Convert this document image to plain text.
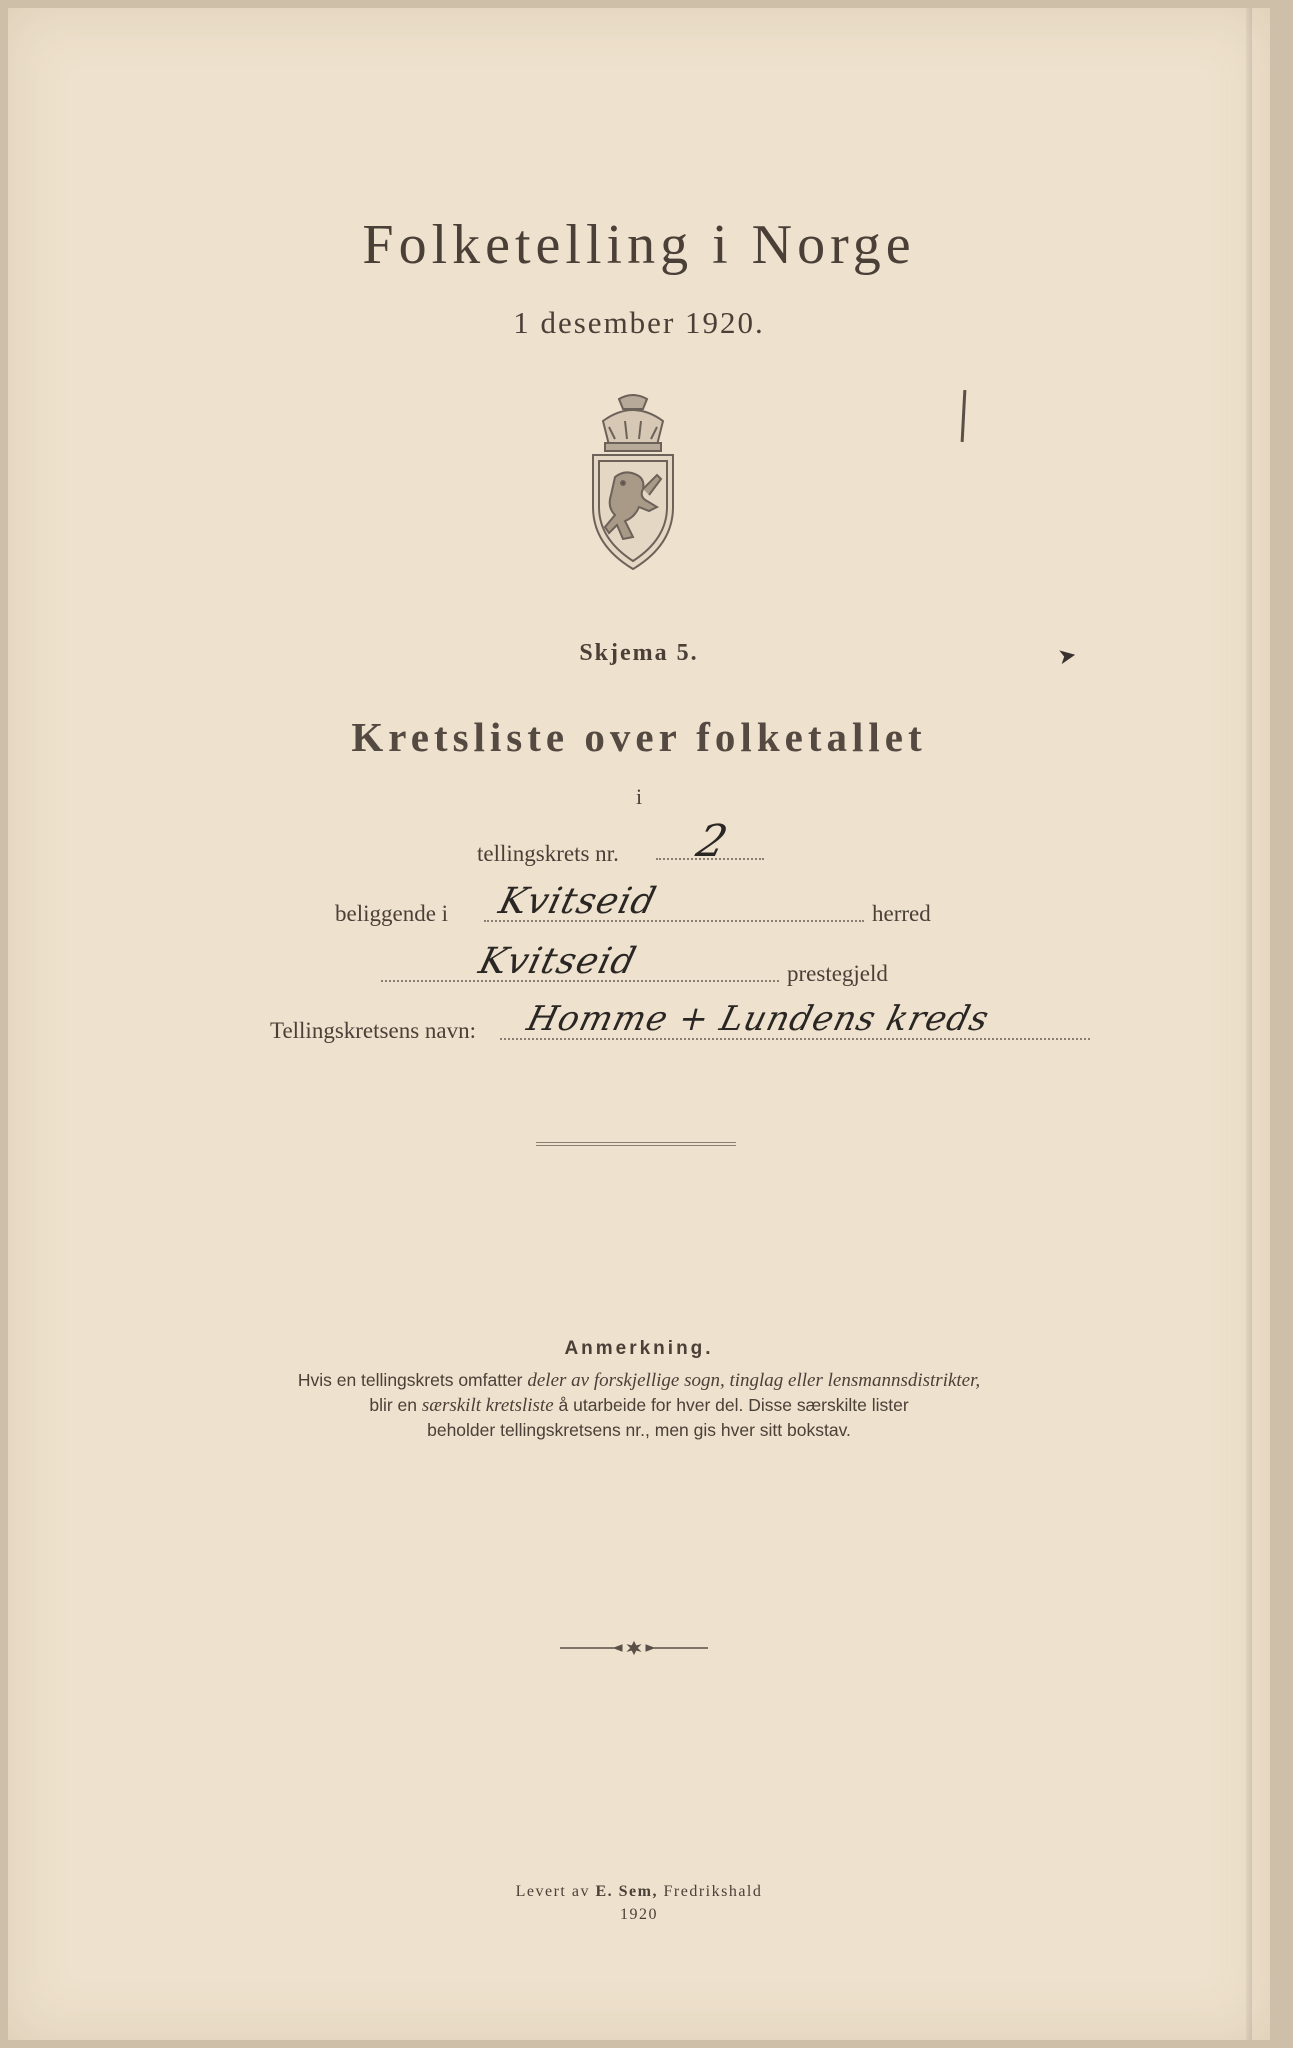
Folketelling i Norge
1 desember 1920.
Skjema 5.
Kretsliste over folketallet
i
tellingskrets nr. 2
beliggende i Kvitseid	herred
Kvitseid	prestegjeld
Tellingskretsens navn: Homme + Lundens kreds
Anmerkning.
Hvis en tellingskrets omfatter deler av forskjellige sogn, tinglag eller lensmannsdistrikter,
blir en særskilt kretsliste å utarbeide for hver del. Disse særskilte lister
beholder tellingskretsens nr., men gis hver sitt bokstav.
Levert av E. Sem, Fredrikshald
1920
➤
